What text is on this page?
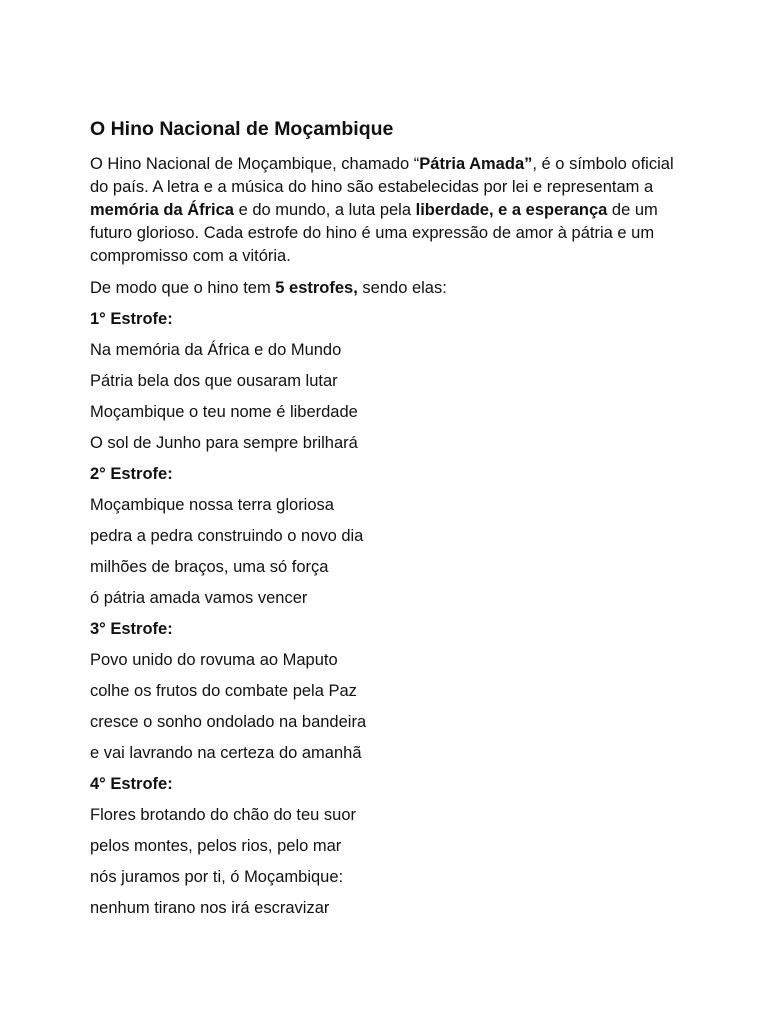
O Hino Nacional de Moçambique

O Hino Nacional de Moçambique, chamado “Pátria Amada”, é o símbolo oficial do país. A letra e a música do hino são estabelecidas por lei e representam a memória da África e do mundo, a luta pela liberdade, e a esperança de um futuro glorioso. Cada estrofe do hino é uma expressão de amor à pátria e um compromisso com a vitória.

De modo que o hino tem 5 estrofes, sendo elas:

1° Estrofe:

Na memória da África e do Mundo

Pátria bela dos que ousaram lutar

Moçambique o teu nome é liberdade

O sol de Junho para sempre brilhará

2° Estrofe:

Moçambique nossa terra gloriosa

pedra a pedra construindo o novo dia

milhões de braços, uma só força

ó pátria amada vamos vencer

3° Estrofe:

Povo unido do rovuma ao Maputo

colhe os frutos do combate pela Paz

cresce o sonho ondolado na bandeira

e vai lavrando na certeza do amanhã

4° Estrofe:

Flores brotando do chão do teu suor

pelos montes, pelos rios, pelo mar

nós juramos por ti, ó Moçambique:

nenhum tirano nos irá escravizar
